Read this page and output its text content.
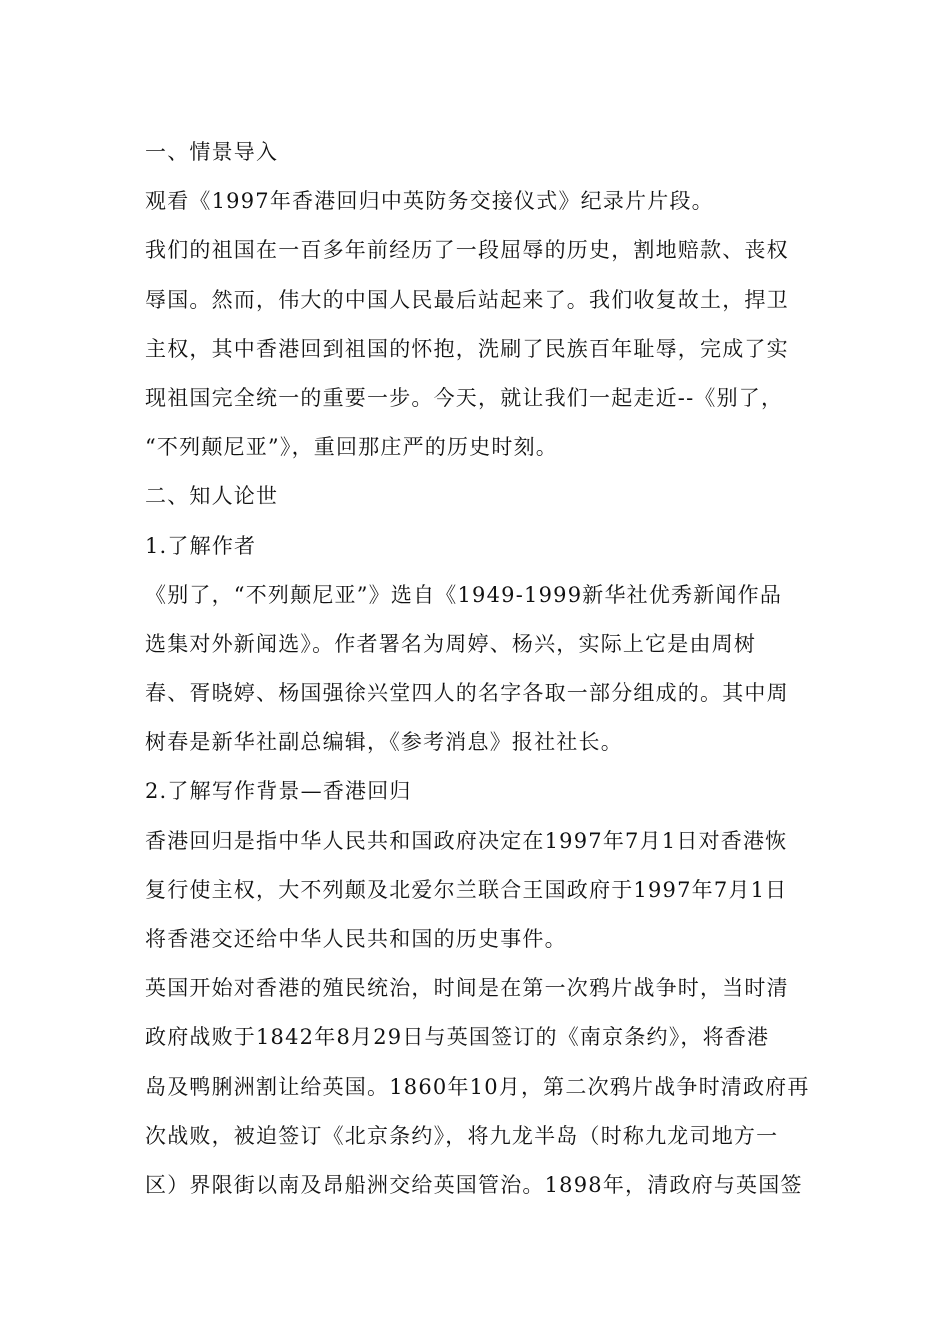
一、情景导入
观看《1997年香港回归中英防务交接仪式》纪录片片段。
我们的祖国在一百多年前经历了一段屈辱的历史，割地赔款、丧权
辱国。然而，伟大的中国人民最后站起来了。我们收复故土，捍卫
主权，其中香港回到祖国的怀抱，洗刷了民族百年耻辱，完成了实
现祖国完全统一的重要一步。今天，就让我们一起走近--《别了，
“不列颠尼亚”》，重回那庄严的历史时刻。
二、知人论世
1.了解作者
《别了，“不列颠尼亚”》选自《1949-1999新华社优秀新闻作品
选集对外新闻选》。作者署名为周婷、杨兴，实际上它是由周树
春、胥晓婷、杨国强徐兴堂四人的名字各取一部分组成的。其中周
树春是新华社副总编辑，《参考消息》报社社长。
2.了解写作背景—香港回归
香港回归是指中华人民共和国政府决定在1997年7月1日对香港恢
复行使主权，大不列颠及北爱尔兰联合王国政府于1997年7月1日
将香港交还给中华人民共和国的历史事件。
英国开始对香港的殖民统治，时间是在第一次鸦片战争时，当时清
政府战败于1842年8月29日与英国签订的《南京条约》，将香港
岛及鸭脷洲割让给英国。1860年10月，第二次鸦片战争时清政府再
次战败，被迫签订《北京条约》，将九龙半岛（时称九龙司地方一
区）界限街以南及昂船洲交给英国管治。1898年，清政府与英国签
